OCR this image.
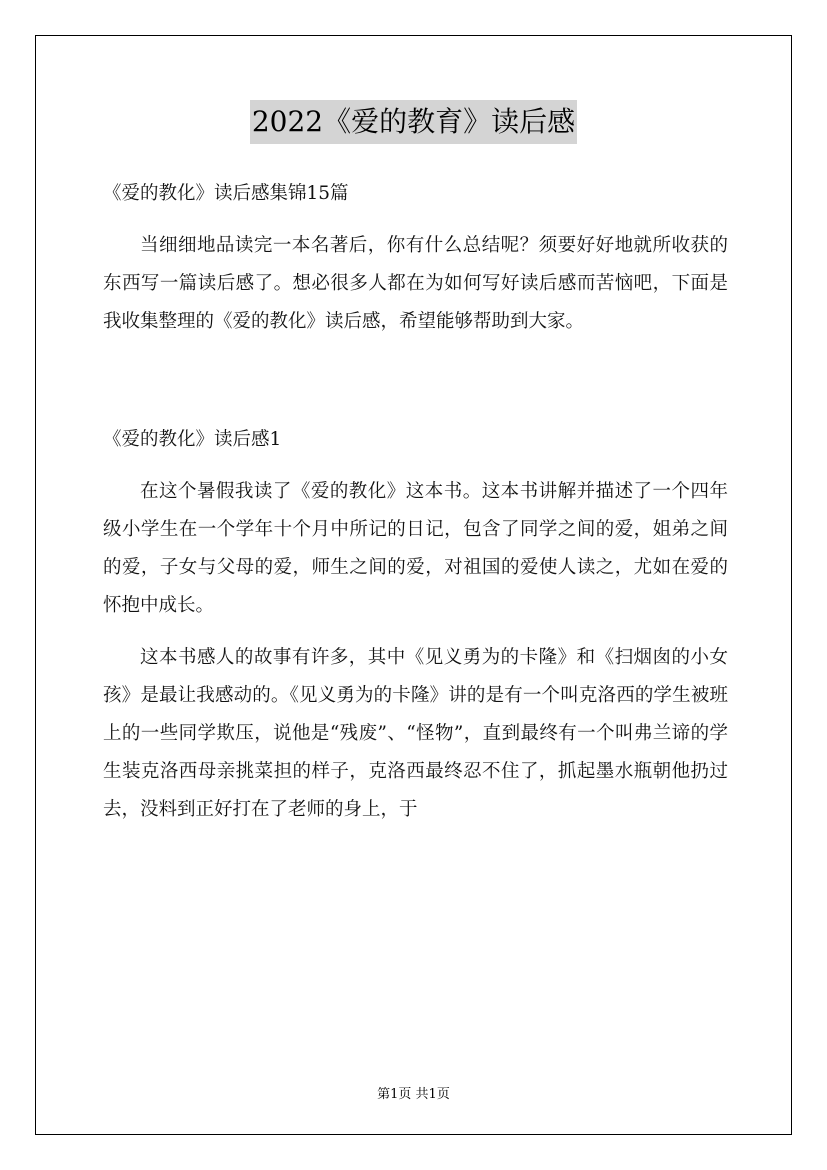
2022《爱的教育》读后感

《爱的教化》读后感集锦15篇

当细细地品读完一本名著后，你有什么总结呢？须要好好地就所收获的东西写一篇读后感了。想必很多人都在为如何写好读后感而苦恼吧，下面是我收集整理的《爱的教化》读后感，希望能够帮助到大家。

《爱的教化》读后感1

在这个暑假我读了《爱的教化》这本书。这本书讲解并描述了一个四年级小学生在一个学年十个月中所记的日记，包含了同学之间的爱，姐弟之间的爱，子女与父母的爱，师生之间的爱，对祖国的爱使人读之，尤如在爱的怀抱中成长。

这本书感人的故事有许多，其中《见义勇为的卡隆》和《扫烟囱的小女孩》是最让我感动的。《见义勇为的卡隆》讲的是有一个叫克洛西的学生被班上的一些同学欺压，说他是“残废”、“怪物”，直到最终有一个叫弗兰谛的学生装克洛西母亲挑菜担的样子，克洛西最终忍不住了，抓起墨水瓶朝他扔过去，没料到正好打在了老师的身上，于

第1页 共1页
